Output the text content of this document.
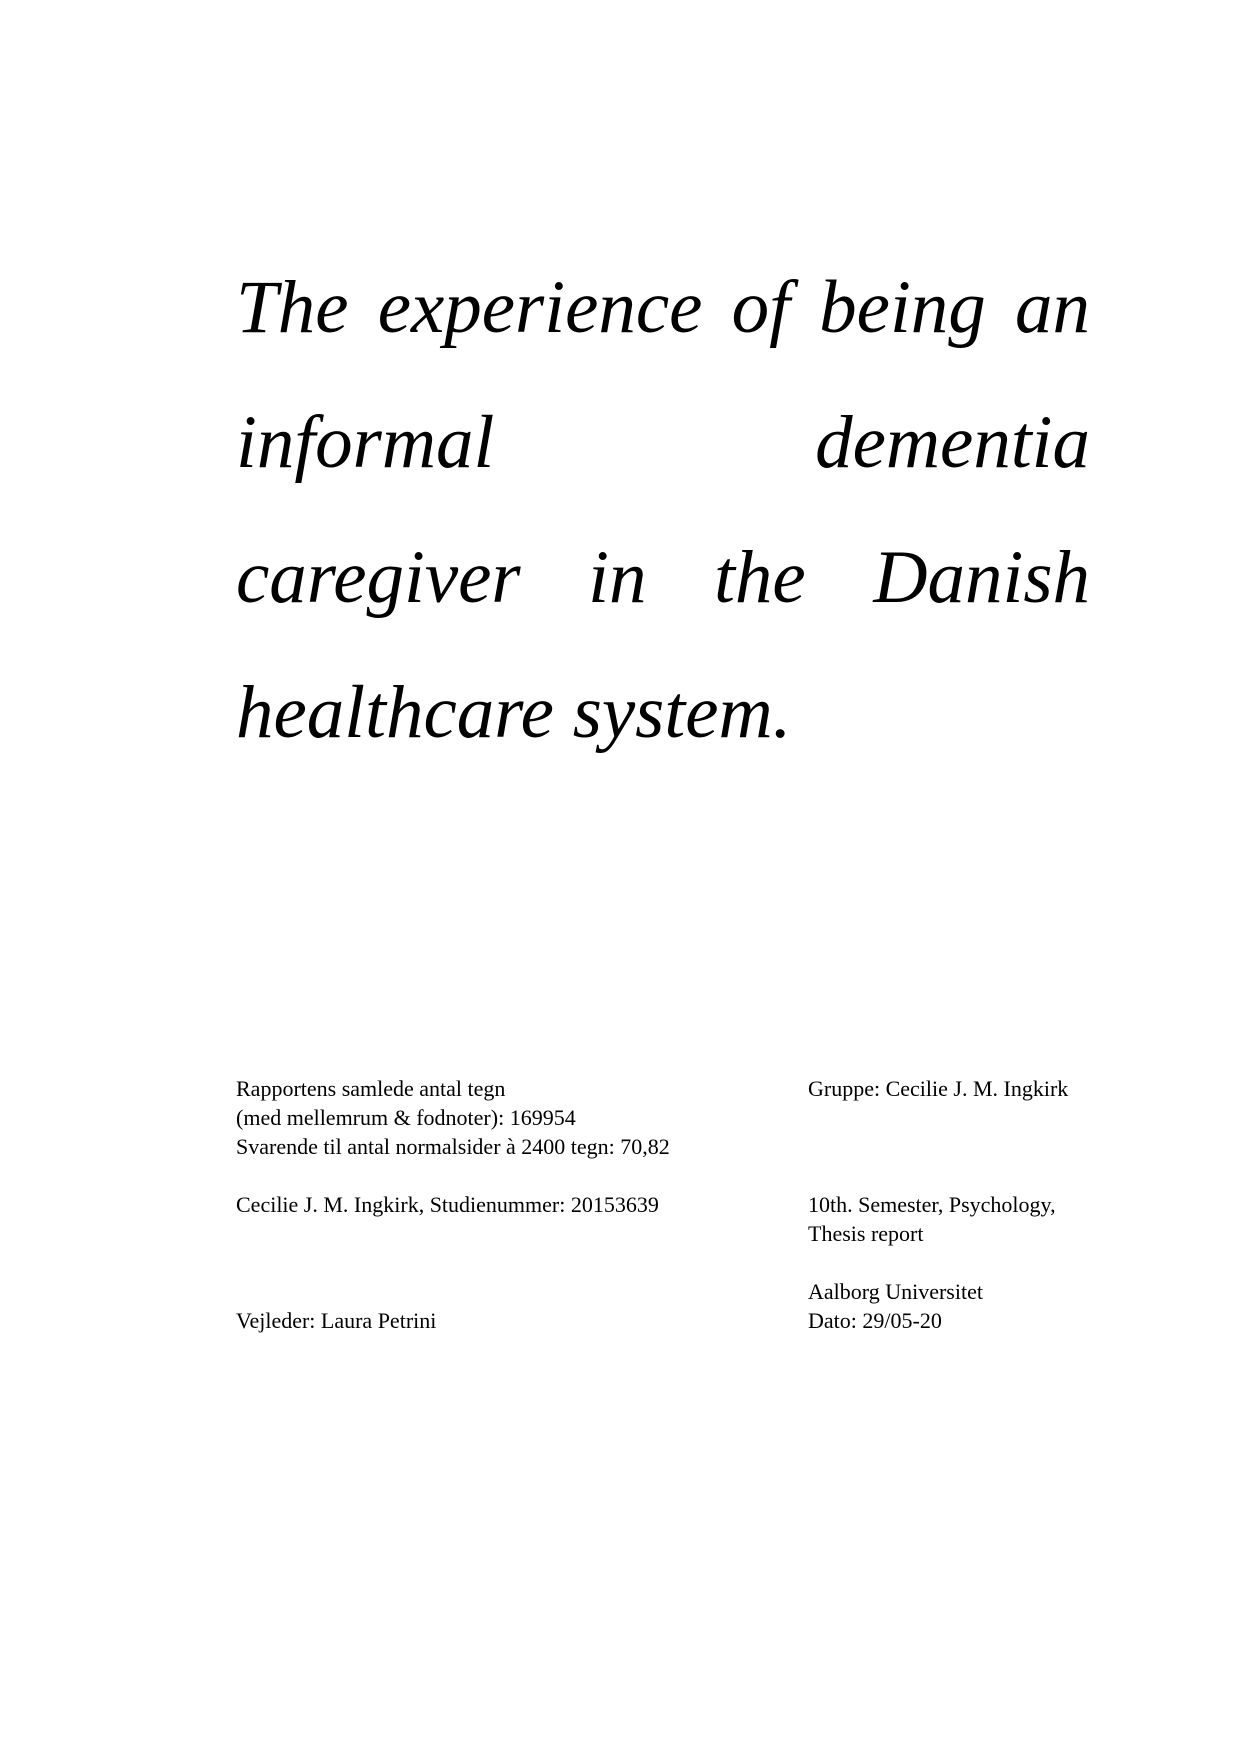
The experience of being an
informal	dementia
caregiver in the Danish
healthcare system.
Rapportens samlede antal tegn
(med mellemrum & fodnoter): 169954
Svarende til antal normalsider à 2400 tegn: 70,82
Cecilie J. M. Ingkirk, Studienummer: 20153639
Vejleder: Laura Petrini
Gruppe: Cecilie J. M. Ingkirk
10th. Semester, Psychology,
Thesis report
Aalborg Universitet
Dato: 29/05-20
